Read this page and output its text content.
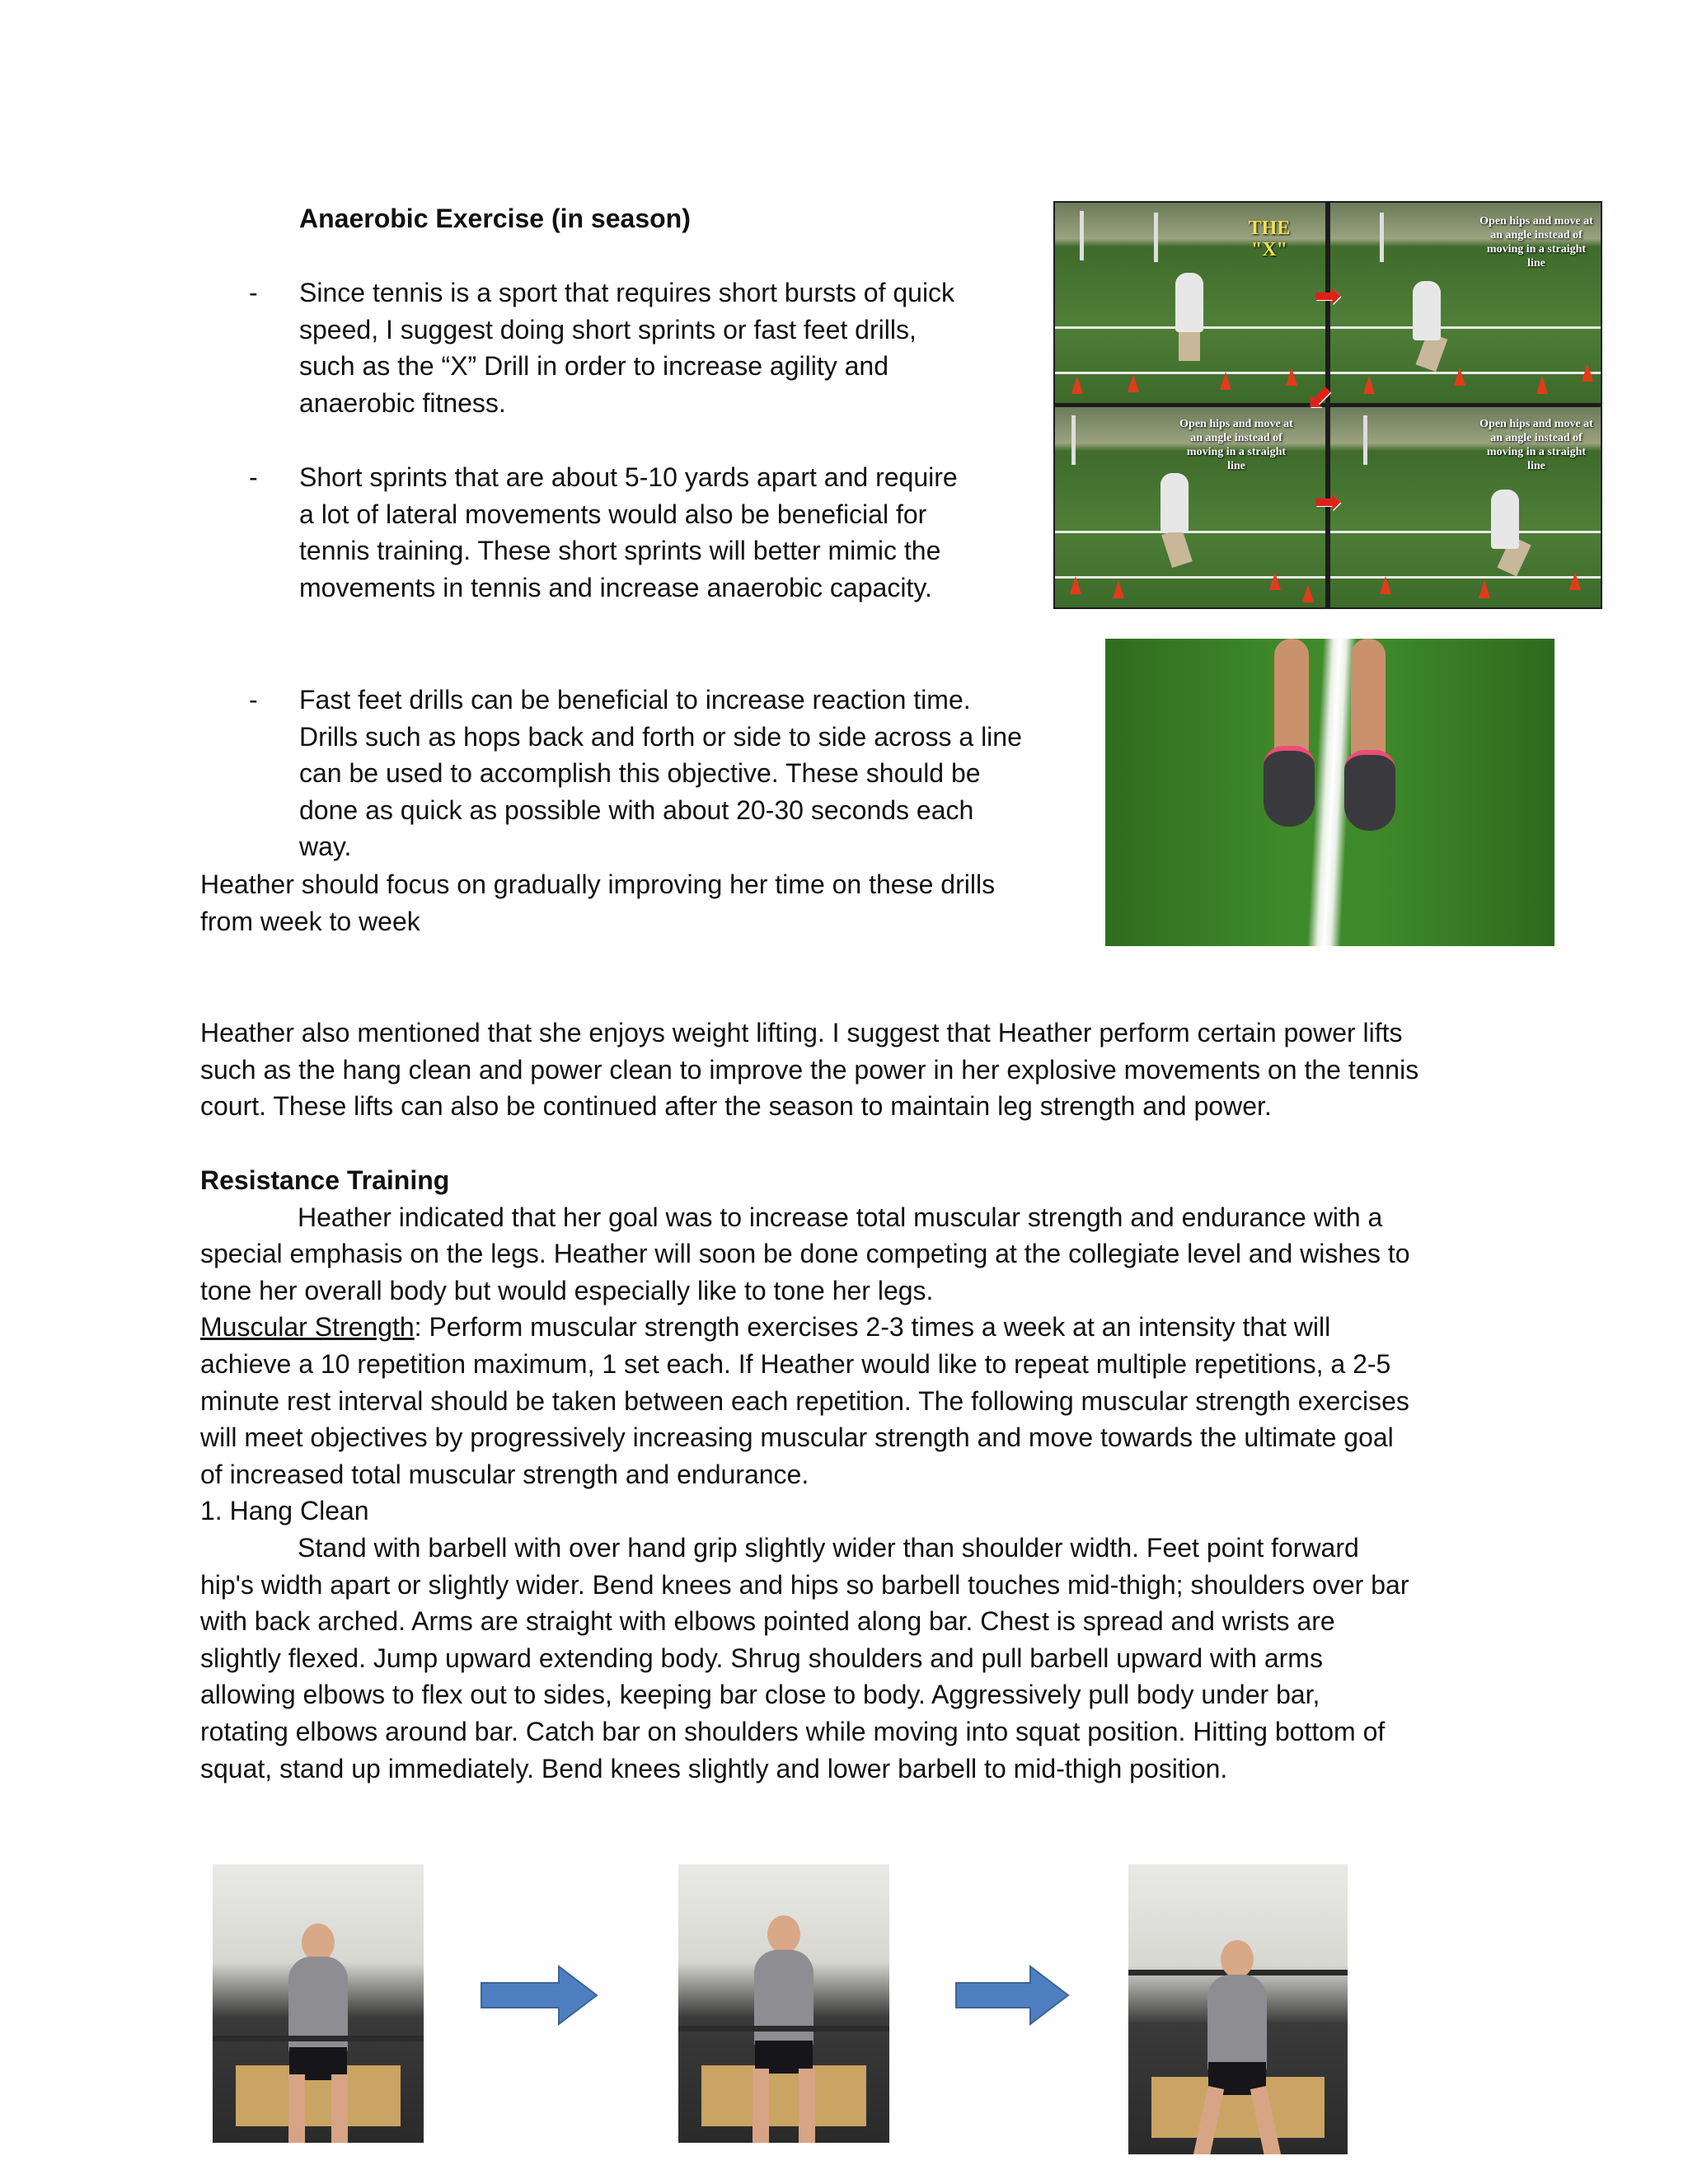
Anaerobic Exercise (in season)
- Since tennis is a sport that requires short bursts of quick
speed, I suggest doing short sprints or fast feet drills,
such as the “X” Drill in order to increase agility and
anaerobic fitness.
- Short sprints that are about 5-10 yards apart and require
a lot of lateral movements would also be beneficial for
tennis training. These short sprints will better mimic the
movements in tennis and increase anaerobic capacity.
- Fast feet drills can be beneficial to increase reaction time.
Drills such as hops back and forth or side to side across a line
can be used to accomplish this objective. These should be
done as quick as possible with about 20-30 seconds each
way.
Heather should focus on gradually improving her time on these drills
from week to week
THE "X"
Open hips and move at an angle instead of moving in a straight line
Open hips and move at an angle instead of moving in a straight line
Open hips and move at an angle instead of moving in a straight line
➡
⬋
➡
Heather also mentioned that she enjoys weight lifting. I suggest that Heather perform certain power lifts
such as the hang clean and power clean to improve the power in her explosive movements on the tennis
court. These lifts can also be continued after the season to maintain leg strength and power.
Resistance Training
Heather indicated that her goal was to increase total muscular strength and endurance with a
special emphasis on the legs. Heather will soon be done competing at the collegiate level and wishes to
tone her overall body but would especially like to tone her legs.
Muscular Strength: Perform muscular strength exercises 2-3 times a week at an intensity that will
achieve a 10 repetition maximum, 1 set each. If Heather would like to repeat multiple repetitions, a 2-5
minute rest interval should be taken between each repetition. The following muscular strength exercises
will meet objectives by progressively increasing muscular strength and move towards the ultimate goal
of increased total muscular strength and endurance.
1. Hang Clean
Stand with barbell with over hand grip slightly wider than shoulder width. Feet point forward
hip's width apart or slightly wider. Bend knees and hips so barbell touches mid-thigh; shoulders over bar
with back arched. Arms are straight with elbows pointed along bar. Chest is spread and wrists are
slightly flexed. Jump upward extending body. Shrug shoulders and pull barbell upward with arms
allowing elbows to flex out to sides, keeping bar close to body. Aggressively pull body under bar,
rotating elbows around bar. Catch bar on shoulders while moving into squat position. Hitting bottom of
squat, stand up immediately. Bend knees slightly and lower barbell to mid-thigh position.
